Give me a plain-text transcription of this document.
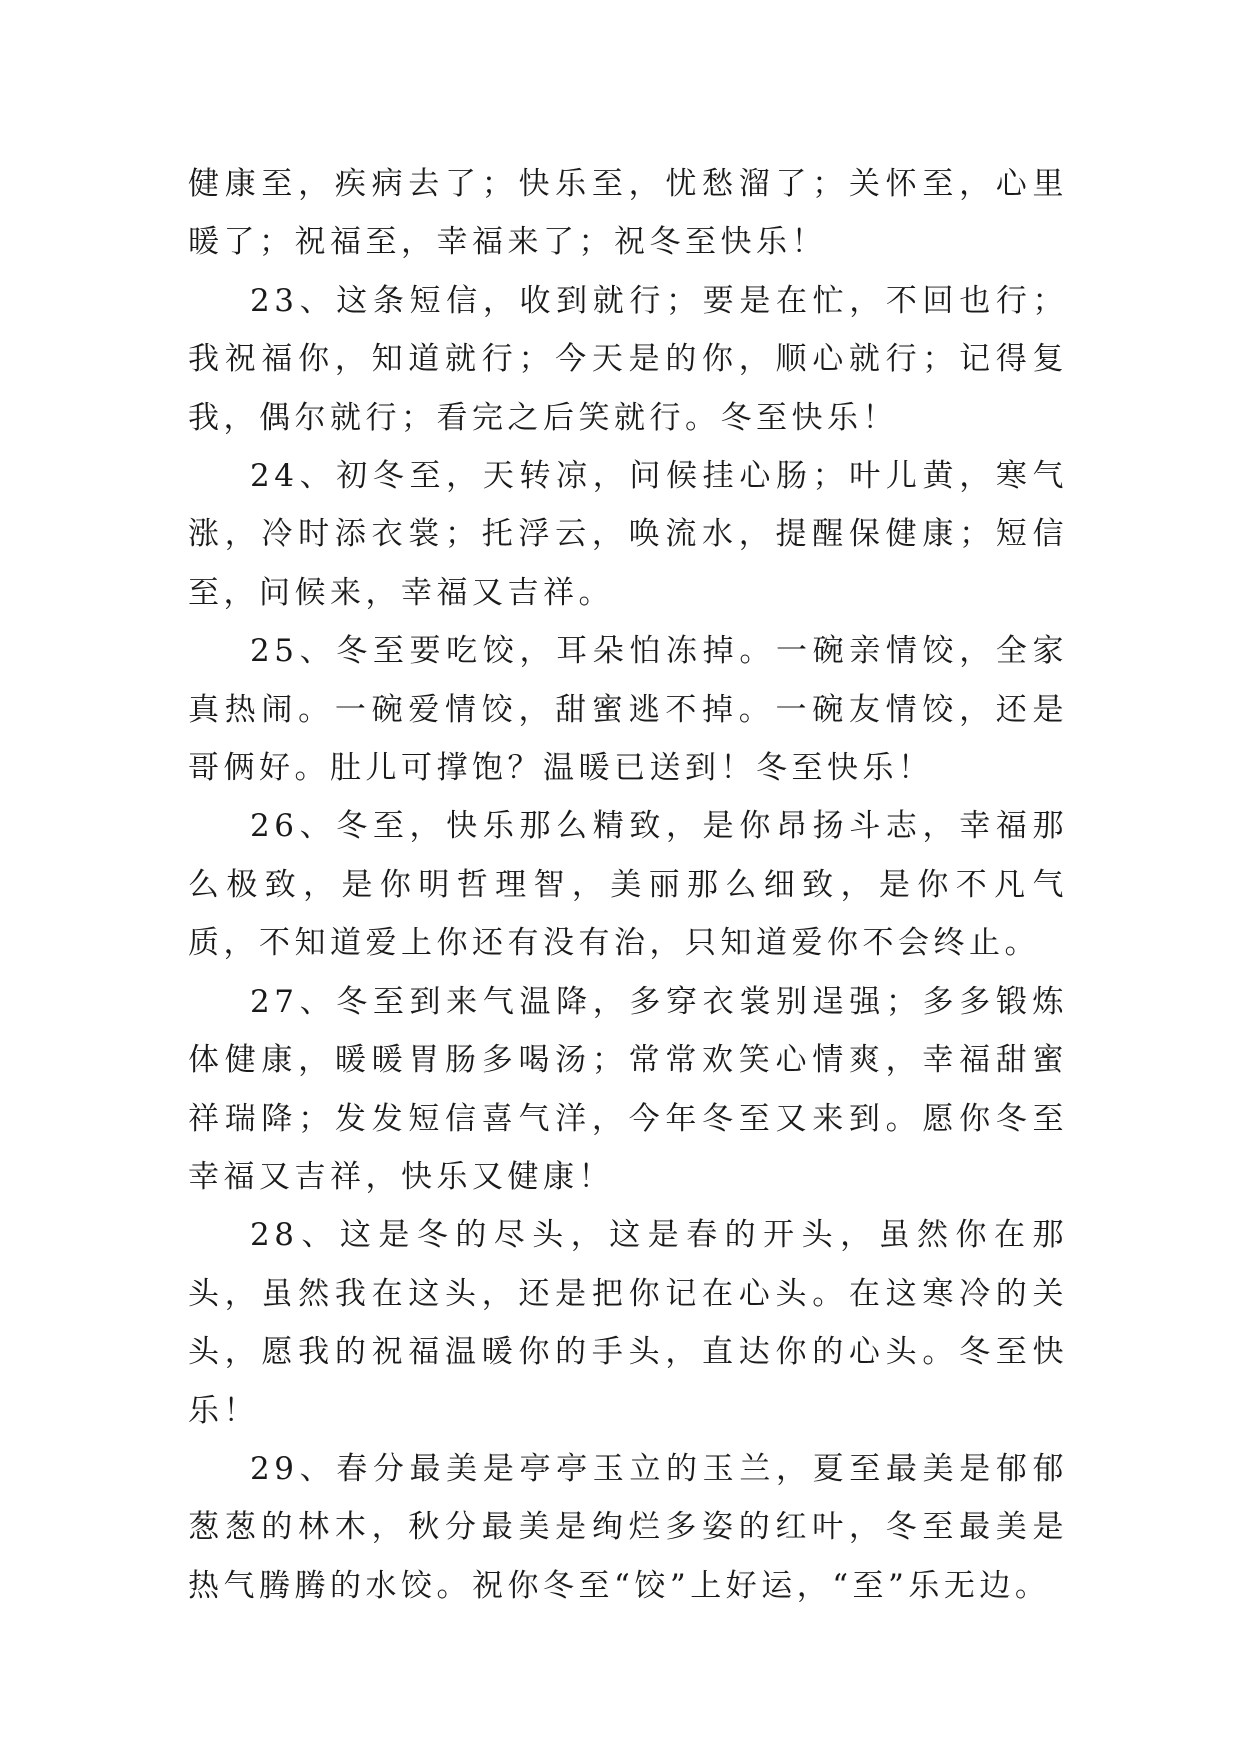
健康至，疾病去了；快乐至，忧愁溜了；关怀至，心里暖了；祝福至，幸福来了；祝冬至快乐！

23、这条短信，收到就行；要是在忙，不回也行；我祝福你，知道就行；今天是的你，顺心就行；记得复我，偶尔就行；看完之后笑就行。冬至快乐！

24、初冬至，天转凉，问候挂心肠；叶儿黄，寒气涨，冷时添衣裳；托浮云，唤流水，提醒保健康；短信至，问候来，幸福又吉祥。

25、冬至要吃饺，耳朵怕冻掉。一碗亲情饺，全家真热闹。一碗爱情饺，甜蜜逃不掉。一碗友情饺，还是哥俩好。肚儿可撑饱？温暖已送到！冬至快乐！

26、冬至，快乐那么精致，是你昂扬斗志，幸福那么极致，是你明哲理智，美丽那么细致，是你不凡气质，不知道爱上你还有没有治，只知道爱你不会终止。

27、冬至到来气温降，多穿衣裳别逞强；多多锻炼体健康，暖暖胃肠多喝汤；常常欢笑心情爽，幸福甜蜜祥瑞降；发发短信喜气洋，今年冬至又来到。愿你冬至幸福又吉祥，快乐又健康！

28、这是冬的尽头，这是春的开头，虽然你在那头，虽然我在这头，还是把你记在心头。在这寒冷的关头，愿我的祝福温暖你的手头，直达你的心头。冬至快乐！

29、春分最美是亭亭玉立的玉兰，夏至最美是郁郁葱葱的林木，秋分最美是绚烂多姿的红叶，冬至最美是热气腾腾的水饺。祝你冬至“饺”上好运，“至”乐无边。
